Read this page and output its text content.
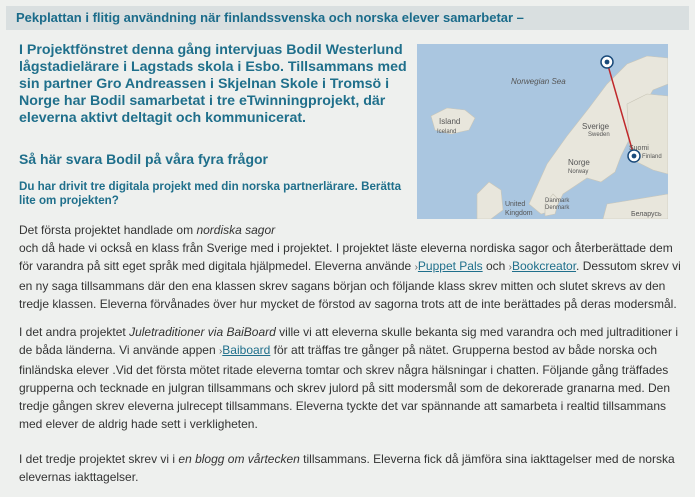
Pekplattan i flitig användning när finlandssvenska och norska elever samarbetar –

I Projektfönstret denna gång intervjuas Bodil Westerlund lågstadielärare i Lagstads skola i Esbo. Tillsammans med sin partner Gro Andreassen i Skjelnan Skole i Tromsö i Norge har Bodil samarbetat i tre eTwinningprojekt, där eleverna aktivt deltagit och kommunicerat.

Norwegian Sea
Island
Iceland
Norge
Norway
Sverige
Sweden
Suomi
Finland
Danmark
Denmark
United
Kingdom	Беларусь
Så här svara Bodil på våra fyra frågor
Du har drivit tre digitala projekt med din norska partnerlärare. Berätta lite om projekten?

Det första projektet handlade om nordiska sagor

och då hade vi också en klass från Sverige med i projektet. I projektet läste eleverna nordiska sagor och återberättade dem för varandra på sitt eget språk med digitala hjälpmedel. Eleverna använde ›Puppet Pals och ›Bookcreator. Dessutom skrev vi en ny saga tillsammans där den ena klassen skrev sagans början och följande klass skrev mitten och slutet skrevs av den tredje klassen. Eleverna förvånades över hur mycket de förstod av sagorna trots att de inte berättades på deras modersmål.

I det andra projektet Juletraditioner via BaiBoard ville vi att eleverna skulle bekanta sig med varandra och med jultraditioner i de båda länderna. Vi använde appen ›Baiboard för att träffas tre gånger på nätet. Grupperna bestod av både norska och finländska elever .Vid det första mötet ritade eleverna tomtar och skrev några hälsningar i chatten. Följande gång träffades grupperna och tecknade en julgran tillsammans och skrev julord på sitt modersmål som de dekorerade granarna med. Den tredje gången skrev eleverna julrecept tillsammans. Eleverna tyckte det var spännande att samarbeta i realtid tillsammans med elever de aldrig hade sett i verkligheten.

I det tredje projektet skrev vi i en blogg om vårtecken tillsammans. Eleverna fick då jämföra sina iakttagelser med de norska elevernas iakttagelser.
